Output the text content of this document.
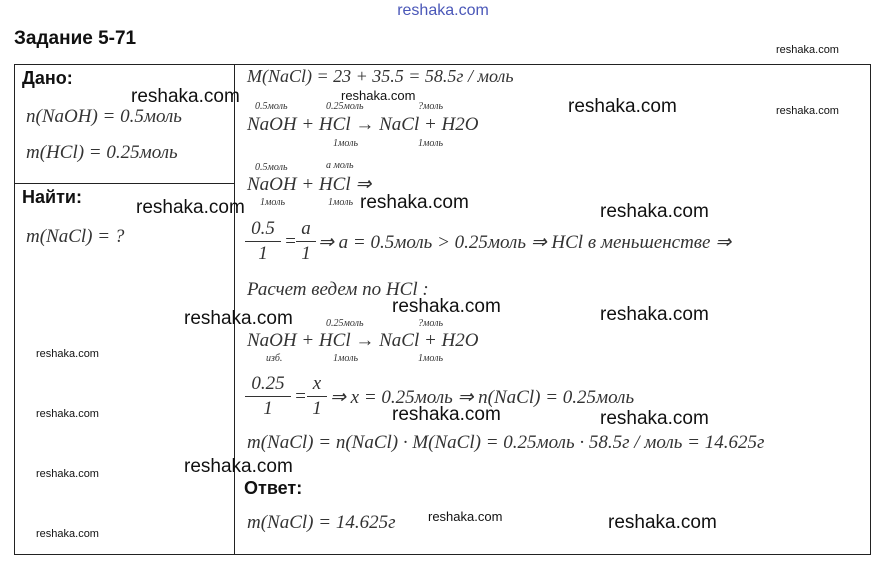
reshaka.com
Задание 5-71
Дано:
n(NaOH) = 0.5моль
m(HCl) = 0.25моль
Найти:
m(NaCl) = ?
M(NaCl) = 23 + 35.5 = 58.5г / моль
0.5моль	0.25моль	?моль
NaOH + HCl → NaCl + H2O
1моль	1моль
0.5моль	a моль
NaOH + HCl ⇒
1моль	1моль
$\frac{0.5}{1} = \frac{a}{1}$ ⇒ a = 0.5моль > 0.25моль ⇒ HCl в меньшенстве ⇒
Расчет ведем по HCl :
0.25моль	?моль
NaOH + HCl → NaCl + H2O
изб.	1моль	1моль
$\frac{0.25}{1} = \frac{x}{1}$ ⇒ x = 0.25моль ⇒ n(NaCl) = 0.25моль
m(NaCl) = n(NaCl) · M(NaCl) = 0.25моль · 58.5г / моль = 14.625г
Ответ:
m(NaCl) = 14.625г
reshaka.com
reshaka.com	reshaka.com
reshaka.com	reshaka.com
reshaka.com	reshaka.com	reshaka.com
reshaka.com
reshaka.com	reshaka.com
reshaka.com
reshaka.com
reshaka.com	reshaka.com
reshaka.com
reshaka.com
reshaka.com	reshaka.com
reshaka.com
